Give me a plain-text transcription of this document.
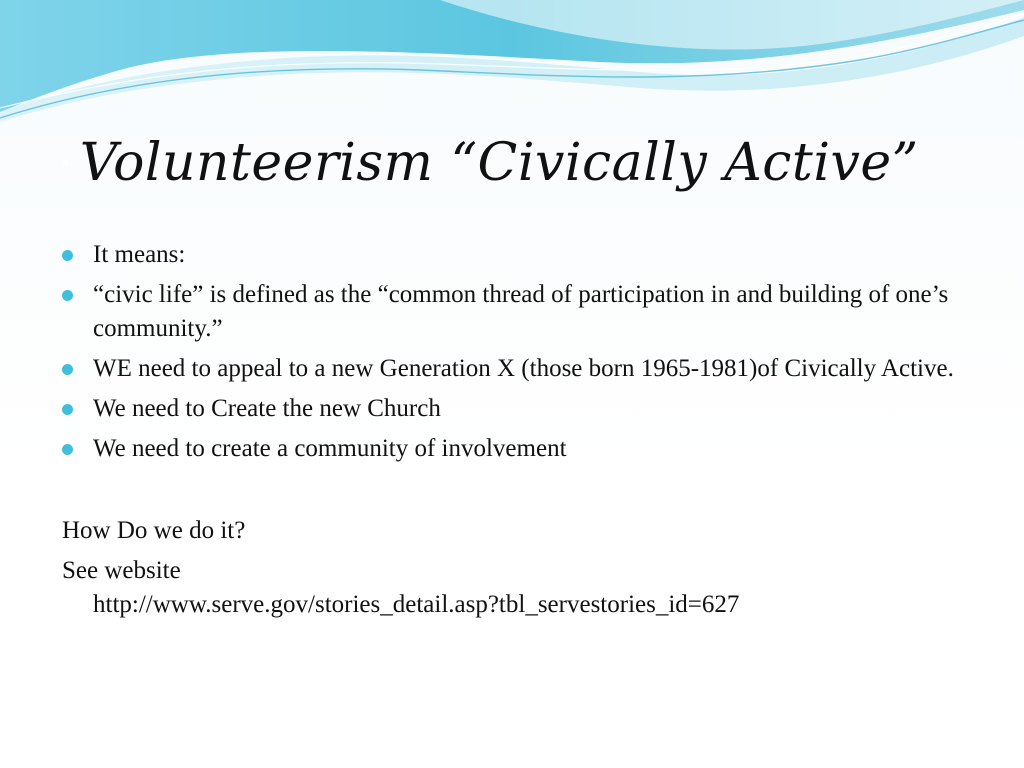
• Volunteerism “Civically Active”
It means:
“civic life” is defined as the “common thread of participation in and building of one’s community.”
WE need to appeal to a new Generation X (those born 1965-1981)of Civically Active.
We need to Create the new Church
We need to create a community of involvement
How Do we do it?
See website
http://www.serve.gov/stories_detail.asp?tbl_servestories_id=627
